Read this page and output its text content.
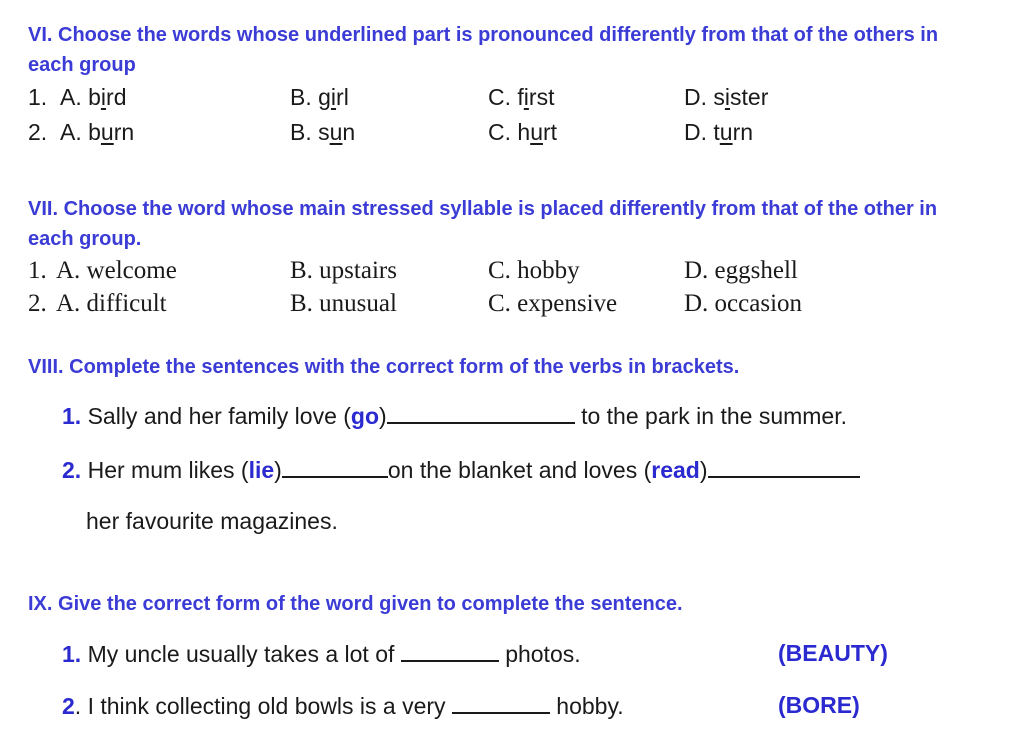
VI. Choose the words whose underlined part is pronounced differently from that of the others in each group
1. A. bird	B. girl	C. first	D. sister
2. A. burn	B. sun	C. hurt	D. turn
VII. Choose the word whose main stressed syllable is placed differently from that of the other in each group.
1. A. welcome	B. upstairs	C. hobby	D. eggshell
2. A. difficult	B. unusual	C. expensive	D. occasion
VIII. Complete the sentences with the correct form of the verbs in brackets.
1. Sally and her family love (go)	to the park in the summer.
2. Her mum likes (lie)	on the blanket and loves (read)
her favourite magazines.
IX. Give the correct form of the word given to complete the sentence.
1. My uncle usually takes a lot of	photos.	(BEAUTY)
2. I think collecting old bowls is a very	hobby.	(BORE)
